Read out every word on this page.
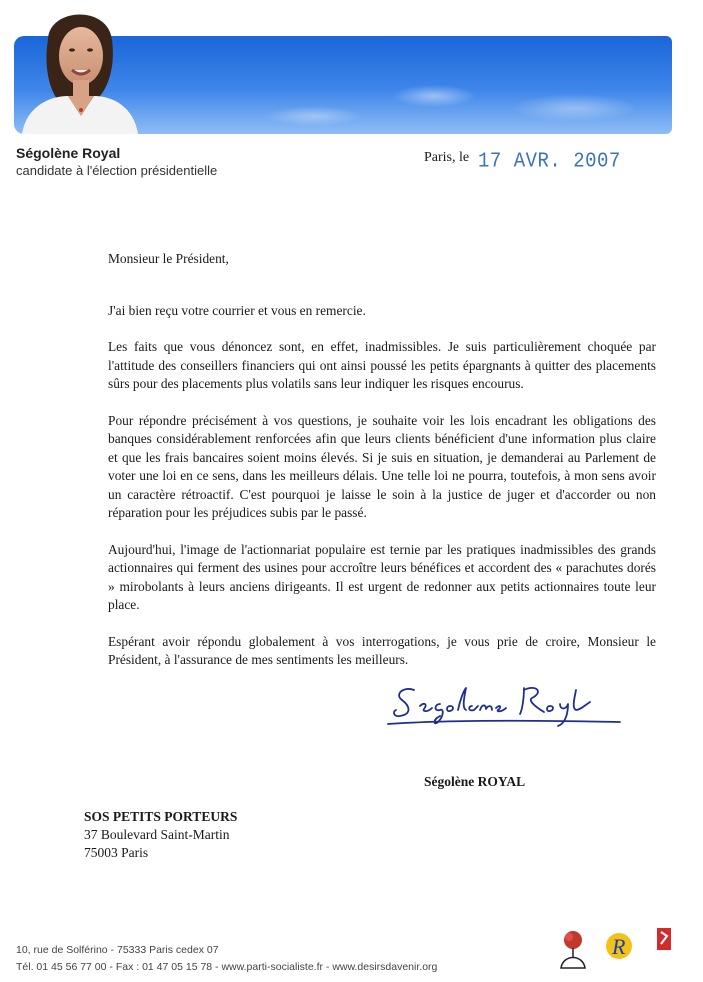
Ségolène Royal
candidate à l'élection présidentielle
Paris, le 17 AVR. 2007

Monsieur le Président,

J'ai bien reçu votre courrier et vous en remercie.

Les faits que vous dénoncez sont, en effet, inadmissibles. Je suis particulièrement choquée par l'attitude des conseillers financiers qui ont ainsi poussé les petits épargnants à quitter des placements sûrs pour des placements plus volatils sans leur indiquer les risques encourus.

Pour répondre précisément à vos questions, je souhaite voir les lois encadrant les obligations des banques considérablement renforcées afin que leurs clients bénéficient d'une information plus claire et que les frais bancaires soient moins élevés. Si je suis en situation, je demanderai au Parlement de voter une loi en ce sens, dans les meilleurs délais. Une telle loi ne pourra, toutefois, à mon sens avoir un caractère rétroactif. C'est pourquoi je laisse le soin à la justice de juger et d'accorder ou non réparation pour les préjudices subis par le passé.

Aujourd'hui, l'image de l'actionnariat populaire est ternie par les pratiques inadmissibles des grands actionnaires qui ferment des usines pour accroître leurs bénéfices et accordent des « parachutes dorés » mirobolants à leurs anciens dirigeants. Il est urgent de redonner aux petits actionnaires toute leur place.

Espérant avoir répondu globalement à vos interrogations, je vous prie de croire, Monsieur le Président, à l'assurance de mes sentiments les meilleurs.

Ségolène ROYAL
SOS PETITS PORTEURS
37 Boulevard Saint-Martin
75003 Paris
10, rue de Solférino - 75333 Paris cedex 07
Tél. 01 45 56 77 00 - Fax : 01 47 05 15 78 - www.parti-socialiste.fr - www.desirsdavenir.org
R
